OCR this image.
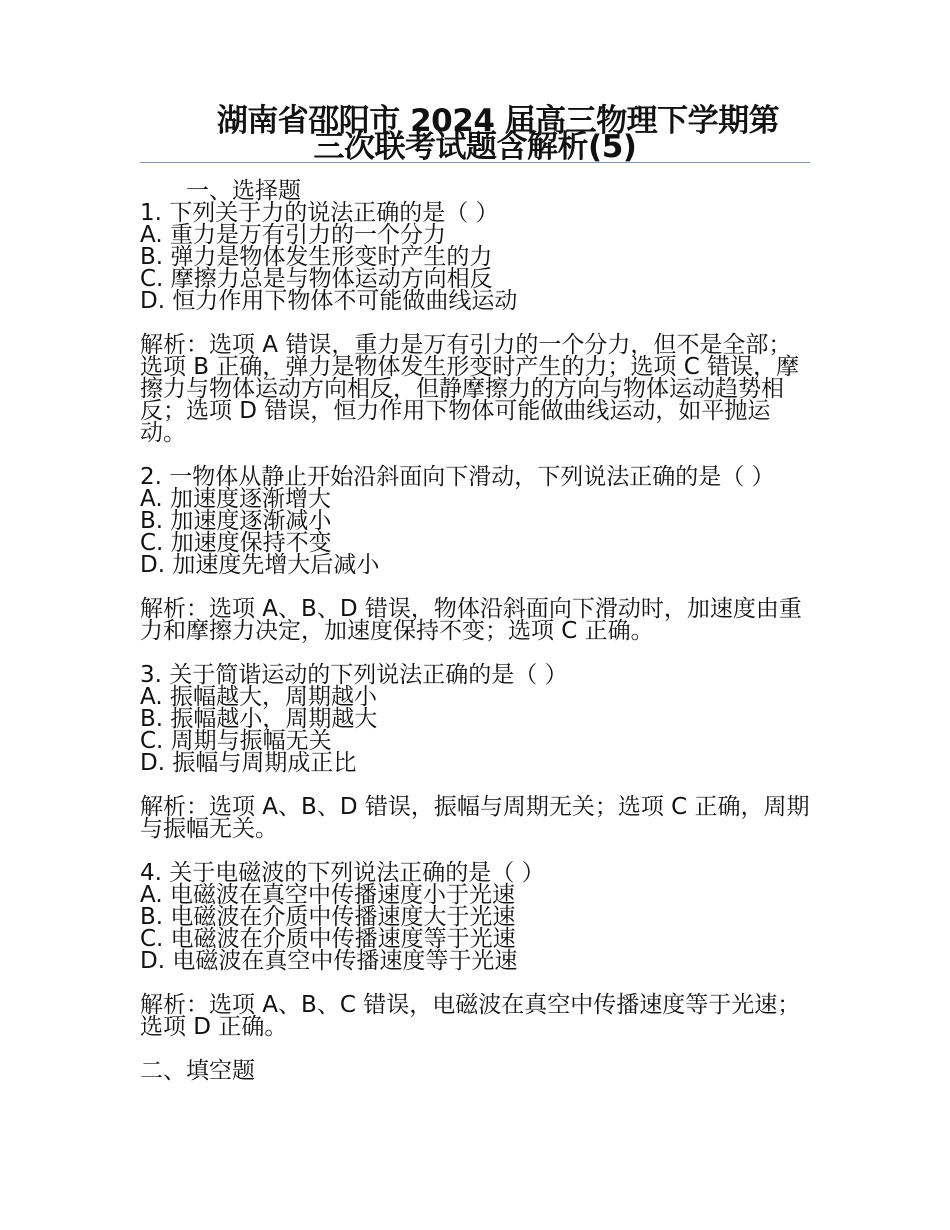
湖南省邵阳市 2024 届高三物理下学期第
三次联考试题含解析(5)
一、选择题
1. 下列关于力的说法正确的是（ ）
A. 重力是万有引力的一个分力
B. 弹力是物体发生形变时产生的力
C. 摩擦力总是与物体运动方向相反
D. 恒力作用下物体不可能做曲线运动
解析：选项 A 错误，重力是万有引力的一个分力，但不是全部；选项 B 正确，弹力是物体发生形变时产生的力；选项 C 错误，摩擦力与物体运动方向相反，但静摩擦力的方向与物体运动趋势相反；选项 D 错误，恒力作用下物体可能做曲线运动，如平抛运动。
2. 一物体从静止开始沿斜面向下滑动，下列说法正确的是（ ）
A. 加速度逐渐增大
B. 加速度逐渐减小
C. 加速度保持不变
D. 加速度先增大后减小
解析：选项 A、B、D 错误，物体沿斜面向下滑动时，加速度由重力和摩擦力决定，加速度保持不变；选项 C 正确。
3. 关于简谐运动的下列说法正确的是（ ）
A. 振幅越大，周期越小
B. 振幅越小，周期越大
C. 周期与振幅无关
D. 振幅与周期成正比
解析：选项 A、B、D 错误，振幅与周期无关；选项 C 正确，周期与振幅无关。
4. 关于电磁波的下列说法正确的是（ ）
A. 电磁波在真空中传播速度小于光速
B. 电磁波在介质中传播速度大于光速
C. 电磁波在介质中传播速度等于光速
D. 电磁波在真空中传播速度等于光速
解析：选项 A、B、C 错误，电磁波在真空中传播速度等于光速；选项 D 正确。
二、填空题
